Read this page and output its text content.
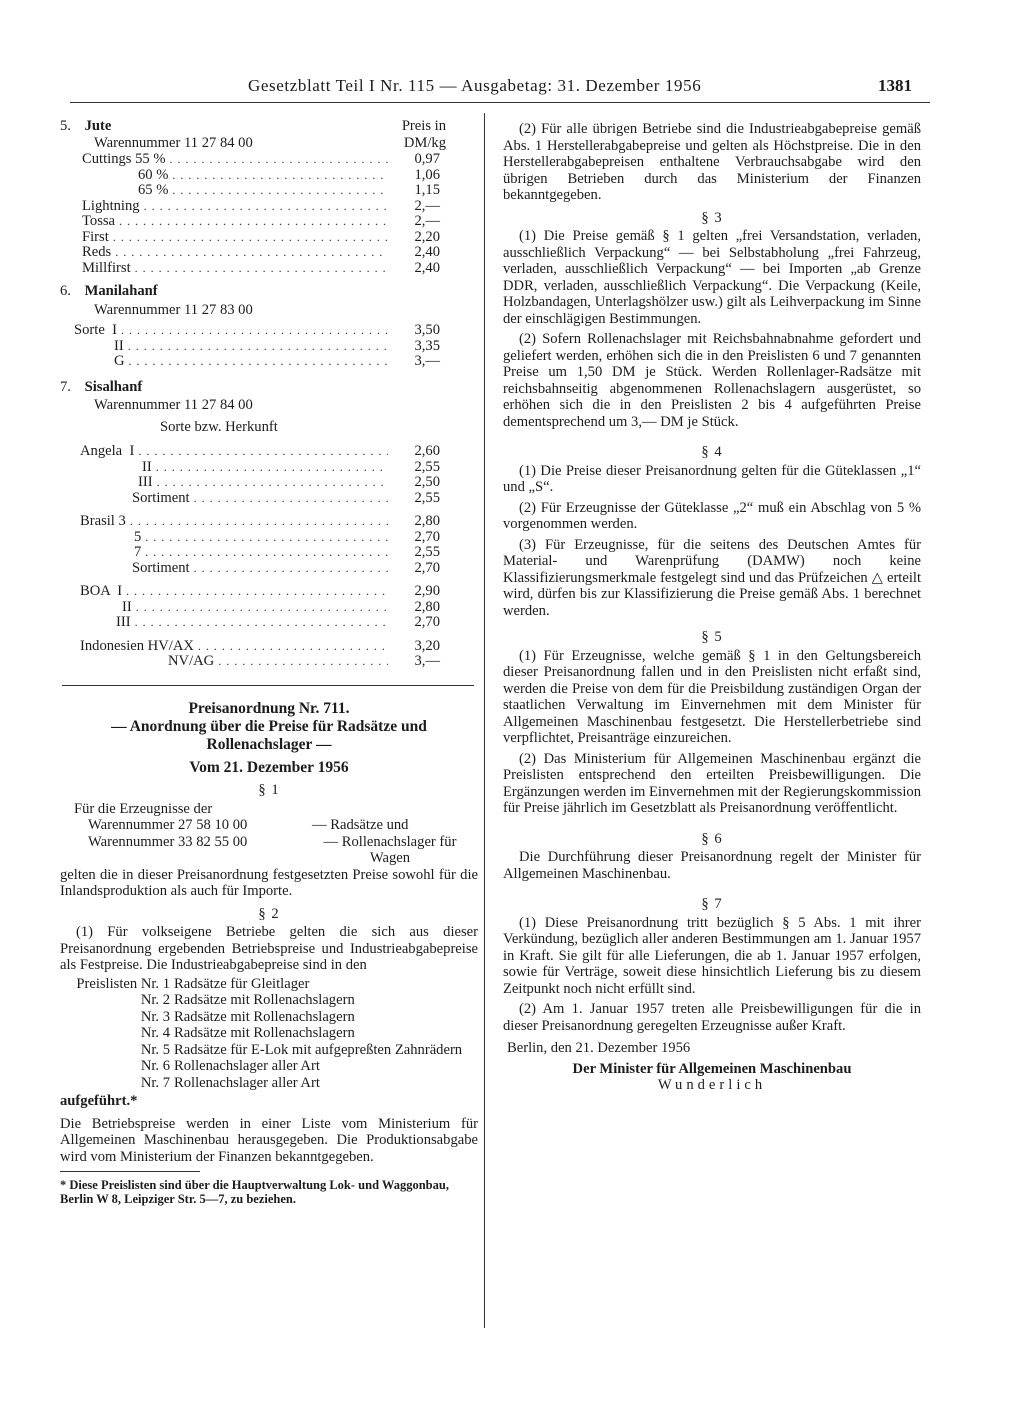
Gesetzblatt Teil I Nr. 115 — Ausgabetag: 31. Dezember 1956	1381
5. Jute	Preis in
Warennummer 11 27 84 00	DM/kg
Cuttings 55 % . . .	0,97
60 % . . .	1,06
65 % . . .	1,15
Lightning . . .	2,—
Tossa . . .	2,—
First . . .	2,20
Reds . . .	2,40
Millfirst . . .	2,40
6. Manilahanf
Warennummer 11 27 83 00
Sorte  I . . .	3,50
II . . .	3,35
G . . .	3,—
7. Sisalhanf
Warennummer 11 27 84 00
Sorte bzw. Herkunft
Angela  I . . .	2,60
II . . .	2,55
III . . .	2,50
Sortiment . . .	2,55
Brasil 3 . . .	2,80
5 . . .	2,70
7 . . .	2,55
Sortiment . . .	2,70
BOA  I . . .	2,90
II . . .	2,80
III . . .	2,70
Indonesien HV/AX . . .	3,20
NV/AG . . .	3,—
Preisanordnung Nr. 711.
— Anordnung über die Preise für Radsätze und
Rollenachslager —
Vom 21. Dezember 1956
§ 1
Für die Erzeugnisse der
Warennummer 27 58 10 00	— Radsätze und
Warennummer 33 82 55 00	— Rollenachslager für Wagen

gelten die in dieser Preisanordnung festgesetzten Preise sowohl für die Inlandsproduktion als auch für Importe.

§ 2

(1) Für volkseigene Betriebe gelten die sich aus dieser Preisanordnung ergebenden Betriebspreise und Industrieabgabepreise als Festpreise. Die Industrieabgabepreise sind in den

Preislisten Nr. 1 Radsätze für Gleitlager
Nr. 2 Radsätze mit Rollenachslagern
Nr. 3 Radsätze mit Rollenachslagern
Nr. 4 Radsätze mit Rollenachslagern
Nr. 5 Radsätze für E-Lok mit aufgepreßten Zahnrädern
Nr. 6 Rollenachslager aller Art
Nr. 7 Rollenachslager aller Art
aufgeführt.*

Die Betriebspreise werden in einer Liste vom Ministerium für Allgemeinen Maschinenbau herausgegeben. Die Produktionsabgabe wird vom Ministerium der Finanzen bekanntgegeben.

* Diese Preislisten sind über die Hauptverwaltung Lok- und Waggonbau, Berlin W 8, Leipziger Str. 5—7, zu beziehen.

(2) Für alle übrigen Betriebe sind die Industrieabgabepreise gemäß Abs. 1 Herstellerabgabepreise und gelten als Höchstpreise. Die in den Herstellerabgabepreisen enthaltene Verbrauchsabgabe wird den übrigen Betrieben durch das Ministerium der Finanzen bekanntgegeben.

§ 3

(1) Die Preise gemäß § 1 gelten „frei Versandstation, verladen, ausschließlich Verpackung“ — bei Selbstabholung „frei Fahrzeug, verladen, ausschließlich Verpackung“ — bei Importen „ab Grenze DDR, verladen, ausschließlich Verpackung“. Die Verpackung (Keile, Holzbandagen, Unterlagshölzer usw.) gilt als Leihverpackung im Sinne der einschlägigen Bestimmungen.

(2) Sofern Rollenachslager mit Reichsbahnabnahme gefordert und geliefert werden, erhöhen sich die in den Preislisten 6 und 7 genannten Preise um 1,50 DM je Stück. Werden Rollenlager-Radsätze mit reichsbahnseitig abgenommenen Rollenachslagern ausgerüstet, so erhöhen sich die in den Preislisten 2 bis 4 aufgeführten Preise dementsprechend um 3,— DM je Stück.

§ 4

(1) Die Preise dieser Preisanordnung gelten für die Güteklassen „1“ und „S“.

(2) Für Erzeugnisse der Güteklasse „2“ muß ein Abschlag von 5 % vorgenommen werden.

(3) Für Erzeugnisse, für die seitens des Deutschen Amtes für Material- und Warenprüfung (DAMW) noch keine Klassifizierungsmerkmale festgelegt sind und das Prüfzeichen △ erteilt wird, dürfen bis zur Klassifizierung die Preise gemäß Abs. 1 berechnet werden.

§ 5

(1) Für Erzeugnisse, welche gemäß § 1 in den Geltungsbereich dieser Preisanordnung fallen und in den Preislisten nicht erfaßt sind, werden die Preise von dem für die Preisbildung zuständigen Organ der staatlichen Verwaltung im Einvernehmen mit dem Minister für Allgemeinen Maschinenbau festgesetzt. Die Herstellerbetriebe sind verpflichtet, Preisanträge einzureichen.

(2) Das Ministerium für Allgemeinen Maschinenbau ergänzt die Preislisten entsprechend den erteilten Preisbewilligungen. Die Ergänzungen werden im Einvernehmen mit der Regierungskommission für Preise jährlich im Gesetzblatt als Preisanordnung veröffentlicht.

§ 6

Die Durchführung dieser Preisanordnung regelt der Minister für Allgemeinen Maschinenbau.

§ 7

(1) Diese Preisanordnung tritt bezüglich § 5 Abs. 1 mit ihrer Verkündung, bezüglich aller anderen Bestimmungen am 1. Januar 1957 in Kraft. Sie gilt für alle Lieferungen, die ab 1. Januar 1957 erfolgen, sowie für Verträge, soweit diese hinsichtlich Lieferung bis zu diesem Zeitpunkt noch nicht erfüllt sind.

(2) Am 1. Januar 1957 treten alle Preisbewilligungen für die in dieser Preisanordnung geregelten Erzeugnisse außer Kraft.

Berlin, den 21. Dezember 1956
Der Minister für Allgemeinen Maschinenbau
Wunderlich
